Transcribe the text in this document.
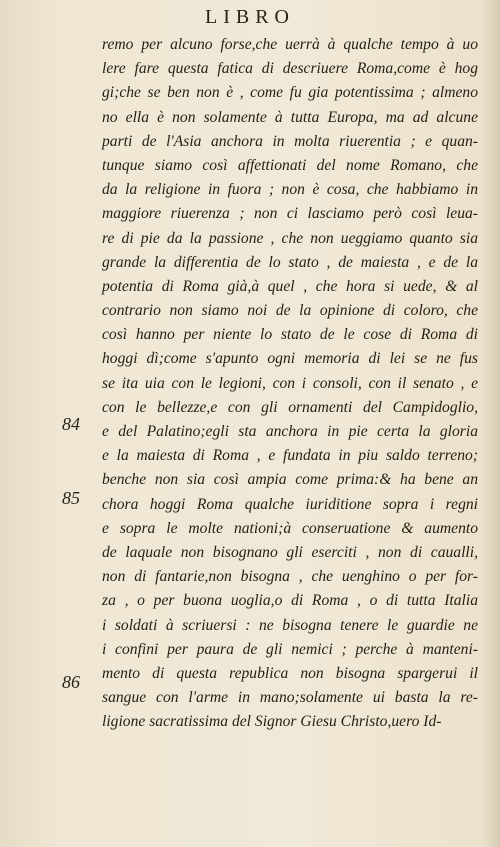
LIBRO
84
85
86
remo per alcuno forse,che uerrà à qualche tempo à uo
lere fare questa fatica di descriuere Roma,come è hog
gi;che se ben non è , come fu gia potentissima ; almeno
no ella è non solamente à tutta Europa, ma ad alcune
parti de l'Asia anchora in molta riuerentia ; e quan-
tunque siamo così affettionati del nome Romano, che
da la religione in fuora ; non è cosa, che habbiamo in
maggiore riuerenza ; non ci lasciamo però così leua-
re di pie da la passione , che non ueggiamo quanto sia
grande la differentia de lo stato , de maiesta , e de la
potentia di Roma già,à quel , che hora si uede, & al
contrario non siamo noi de la opinione di coloro, che
così hanno per niente lo stato de le cose di Roma di
hoggi dì;come s'apunto ogni memoria di lei se ne fus
se ita uia con le legioni, con i consoli, con il senato , e
con le bellezze,e con gli ornamenti del Campidoglio,
e del Palatino;egli sta anchora in pie certa la gloria
e la maiesta di Roma , e fundata in piu saldo terreno;
benche non sia così ampia come prima:& ha bene an
chora hoggi Roma qualche iuriditione sopra i regni
e sopra le molte nationi;à conseruatione & aumento
de laquale non bisognano gli eserciti , non di caualli,
non di fantarie,non bisogna , che uenghino o per for-
za , o per buona uoglia,o di Roma , o di tutta Italia
i soldati à scriuersi : ne bisogna tenere le guardie ne
i confini per paura de gli nemici ; perche à manteni-
mento di questa republica non bisogna spargerui il
sangue con l'arme in mano;solamente ui basta la re-
ligione sacratissima del Signor Giesu Christo,uero Id-
